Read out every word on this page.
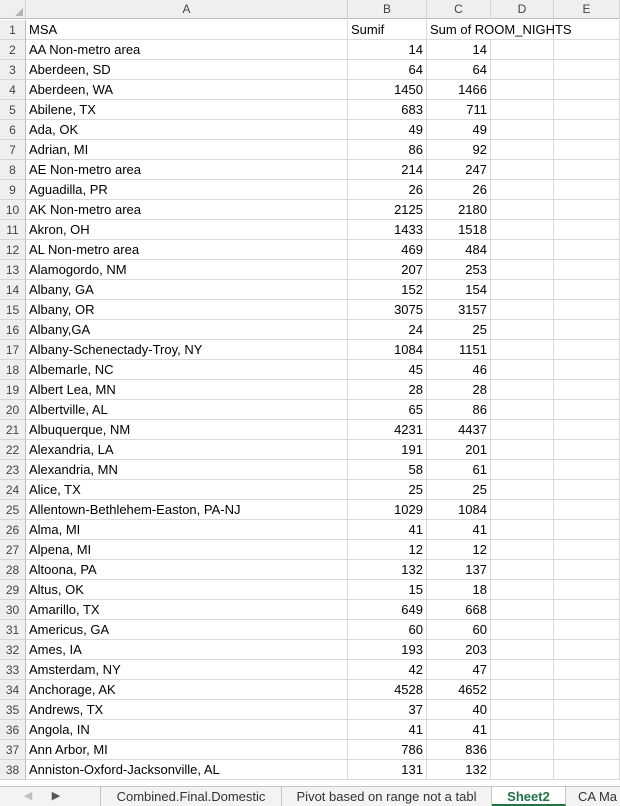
A	B	C	D	E
1	MSA	Sumif	Sum of ROOM_NIGHTS
2	AA Non-metro area	14	14
3	Aberdeen, SD	64	64
4	Aberdeen, WA	1450	1466
5	Abilene, TX	683	711
6	Ada, OK	49	49
7	Adrian, MI	86	92
8	AE Non-metro area	214	247
9	Aguadilla, PR	26	26
10 AK Non-metro area	2125	2180
11 Akron, OH	1433	1518
12 AL Non-metro area	469	484
13 Alamogordo, NM	207	253
14 Albany, GA	152	154
15 Albany, OR	3075	3157
16 Albany,GA	24	25
17 Albany-Schenectady-Troy, NY	1084	1151
18 Albemarle, NC	45	46
19 Albert Lea, MN	28	28
20 Albertville, AL	65	86
21 Albuquerque, NM	4231	4437
22 Alexandria, LA	191	201
23 Alexandria, MN	58	61
24 Alice, TX	25	25
25 Allentown-Bethlehem-Easton, PA-NJ	1029	1084
26 Alma, MI	41	41
27 Alpena, MI	12	12
28 Altoona, PA	132	137
29 Altus, OK	15	18
30 Amarillo, TX	649	668
31 Americus, GA	60	60
32 Ames, IA	193	203
33 Amsterdam, NY	42	47
34 Anchorage, AK	4528	4652
35 Andrews, TX	37	40
36 Angola, IN	41	41
37 Ann Arbor, MI	786	836
38 Anniston-Oxford-Jacksonville, AL	131	132
◀	▶	Combined.Final.Domestic	Pivot based on range not a tabl	Sheet2	CA Ma
